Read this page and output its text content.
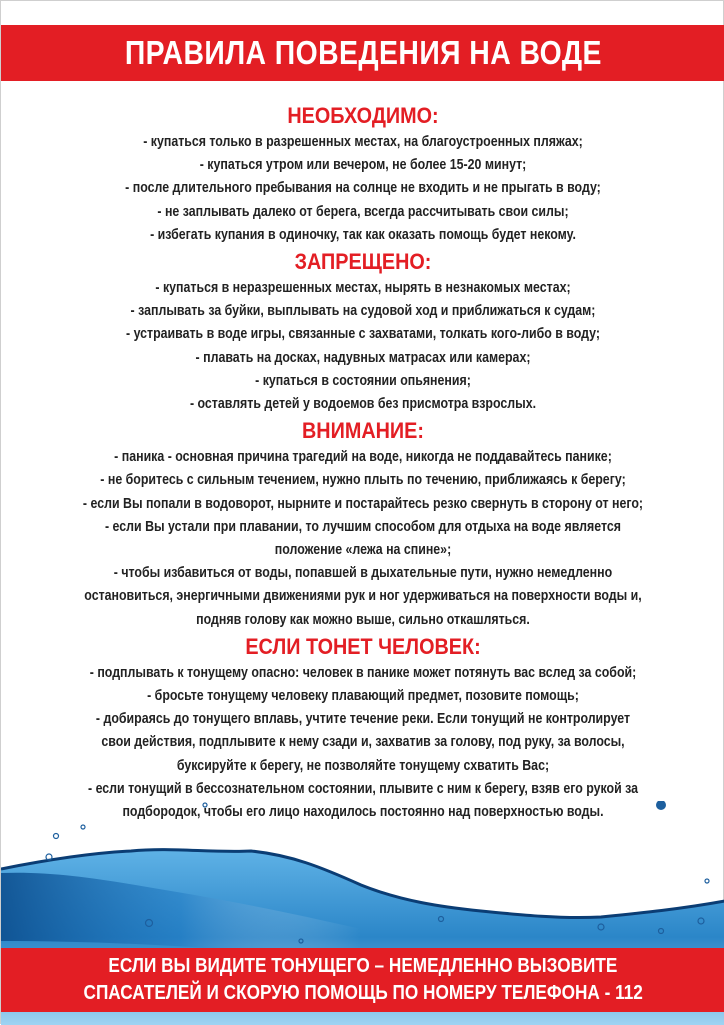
ПРАВИЛА ПОВЕДЕНИЯ НА ВОДЕ
НЕОБХОДИМО:
- купаться только в разрешенных местах, на благоустроенных пляжах;
- купаться утром или вечером, не более 15-20 минут;
- после длительного пребывания на солнце не входить и не прыгать в воду;
- не заплывать далеко от берега, всегда рассчитывать свои силы;
- избегать купания в одиночку, так как оказать помощь будет некому.
ЗАПРЕЩЕНО:
- купаться в неразрешенных местах, нырять в незнакомых местах;
- заплывать за буйки, выплывать на судовой ход и приближаться к судам;
- устраивать в воде игры, связанные с захватами, толкать кого-либо в воду;
- плавать на досках, надувных матрасах или камерах;
- купаться в состоянии опьянения;
- оставлять детей у водоемов без присмотра взрослых.
ВНИМАНИЕ:
- паника - основная причина трагедий на воде, никогда не поддавайтесь панике;
- не боритесь с сильным течением, нужно плыть по течению, приближаясь к берегу;
- если Вы попали в водоворот, нырните и постарайтесь резко свернуть в сторону от него;
- если Вы устали при плавании, то лучшим способом для отдыха на воде является
положение «лежа на спине»;
- чтобы избавиться от воды, попавшей в дыхательные пути, нужно немедленно
остановиться, энергичными движениями рук и ног удерживаться на поверхности воды и,
подняв голову как можно выше, сильно откашляться.
ЕСЛИ ТОНЕТ ЧЕЛОВЕК:
- подплывать к тонущему опасно: человек в панике может потянуть вас вслед за собой;
- бросьте тонущему человеку плавающий предмет, позовите помощь;
- добираясь до тонущего вплавь, учтите течение реки. Если тонущий не контролирует
свои действия, подплывите к нему сзади и, захватив за голову, под руку, за волосы,
буксируйте к берегу, не позволяйте тонущему схватить Вас;
- если тонущий в бессознательном состоянии, плывите с ним к берегу, взяв его рукой за
подбородок, чтобы его лицо находилось постоянно над поверхностью воды.
ЕСЛИ ВЫ ВИДИТЕ ТОНУЩЕГО – НЕМЕДЛЕННО ВЫЗОВИТЕ
СПАСАТЕЛЕЙ И СКОРУЮ ПОМОЩЬ ПО НОМЕРУ ТЕЛЕФОНА - 112
